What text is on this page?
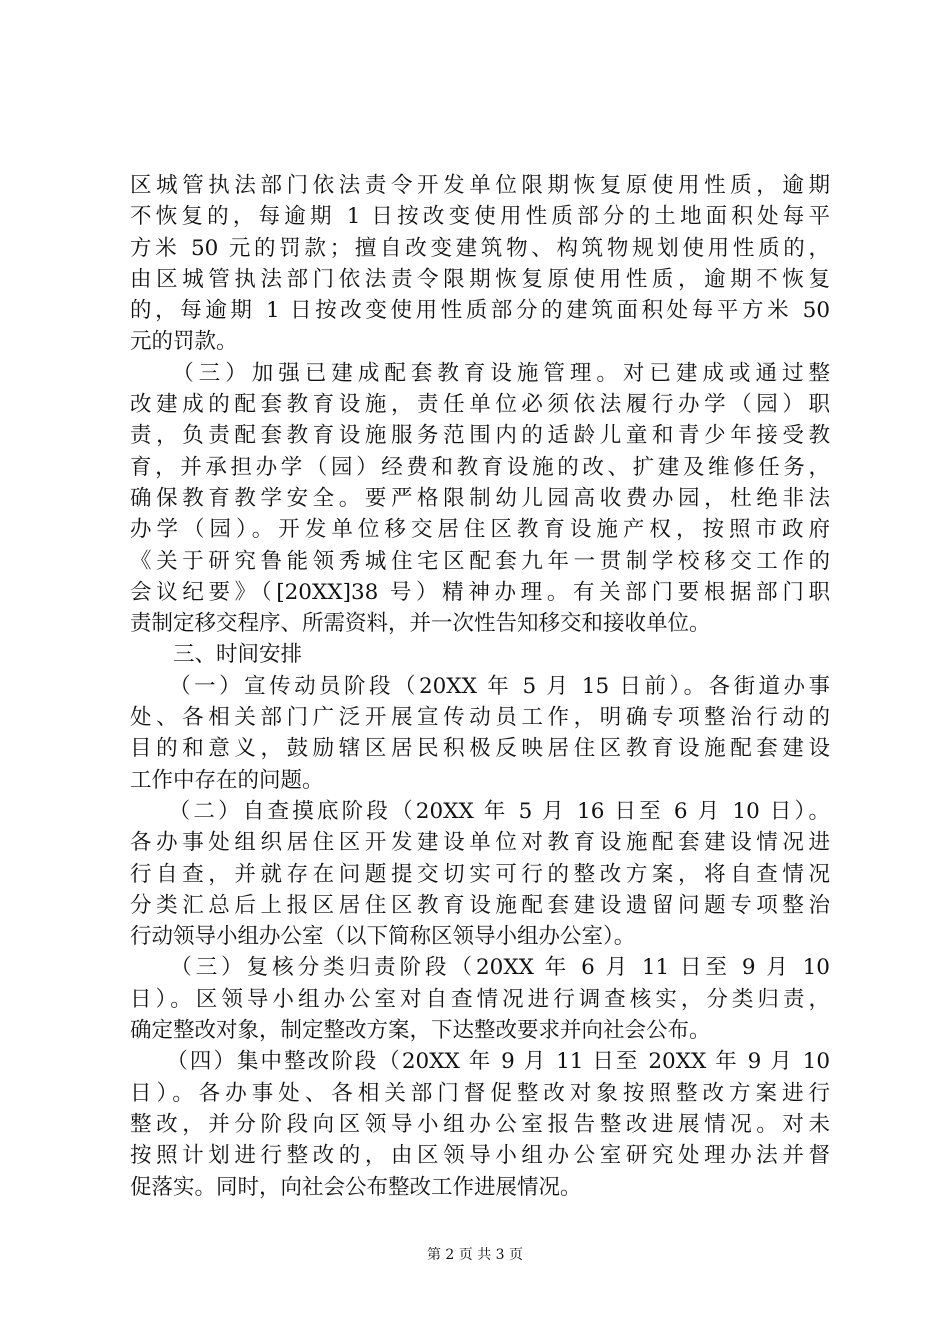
区城管执法部门依法责令开发单位限期恢复原使用性质，逾期
不恢复的，每逾期 1 日按改变使用性质部分的土地面积处每平
方米 50 元的罚款；擅自改变建筑物、构筑物规划使用性质的，
由区城管执法部门依法责令限期恢复原使用性质，逾期不恢复
的，每逾期 1 日按改变使用性质部分的建筑面积处每平方米 50
元的罚款。
　　（三）加强已建成配套教育设施管理。对已建成或通过整
改建成的配套教育设施，责任单位必须依法履行办学（园）职
责，负责配套教育设施服务范围内的适龄儿童和青少年接受教
育，并承担办学（园）经费和教育设施的改、扩建及维修任务，
确保教育教学安全。要严格限制幼儿园高收费办园，杜绝非法
办学（园）。开发单位移交居住区教育设施产权，按照市政府
《关于研究鲁能领秀城住宅区配套九年一贯制学校移交工作的
会议纪要》（[20XX]38 号）精神办理。有关部门要根据部门职
责制定移交程序、所需资料，并一次性告知移交和接收单位。
　　三、时间安排
　　（一）宣传动员阶段（20XX 年 5 月 15 日前）。各街道办事
处、各相关部门广泛开展宣传动员工作，明确专项整治行动的
目的和意义，鼓励辖区居民积极反映居住区教育设施配套建设
工作中存在的问题。
　　（二）自查摸底阶段（20XX 年 5 月 16 日至 6 月 10 日）。
各办事处组织居住区开发建设单位对教育设施配套建设情况进
行自查，并就存在问题提交切实可行的整改方案，将自查情况
分类汇总后上报区居住区教育设施配套建设遗留问题专项整治
行动领导小组办公室（以下简称区领导小组办公室）。
　　（三）复核分类归责阶段（20XX 年 6 月 11 日至 9 月 10
日）。区领导小组办公室对自查情况进行调查核实，分类归责，
确定整改对象，制定整改方案，下达整改要求并向社会公布。
　　（四）集中整改阶段（20XX 年 9 月 11 日至 20XX 年 9 月 10
日）。各办事处、各相关部门督促整改对象按照整改方案进行
整改，并分阶段向区领导小组办公室报告整改进展情况。对未
按照计划进行整改的，由区领导小组办公室研究处理办法并督
促落实。同时，向社会公布整改工作进展情况。
第 2 页 共 3 页
